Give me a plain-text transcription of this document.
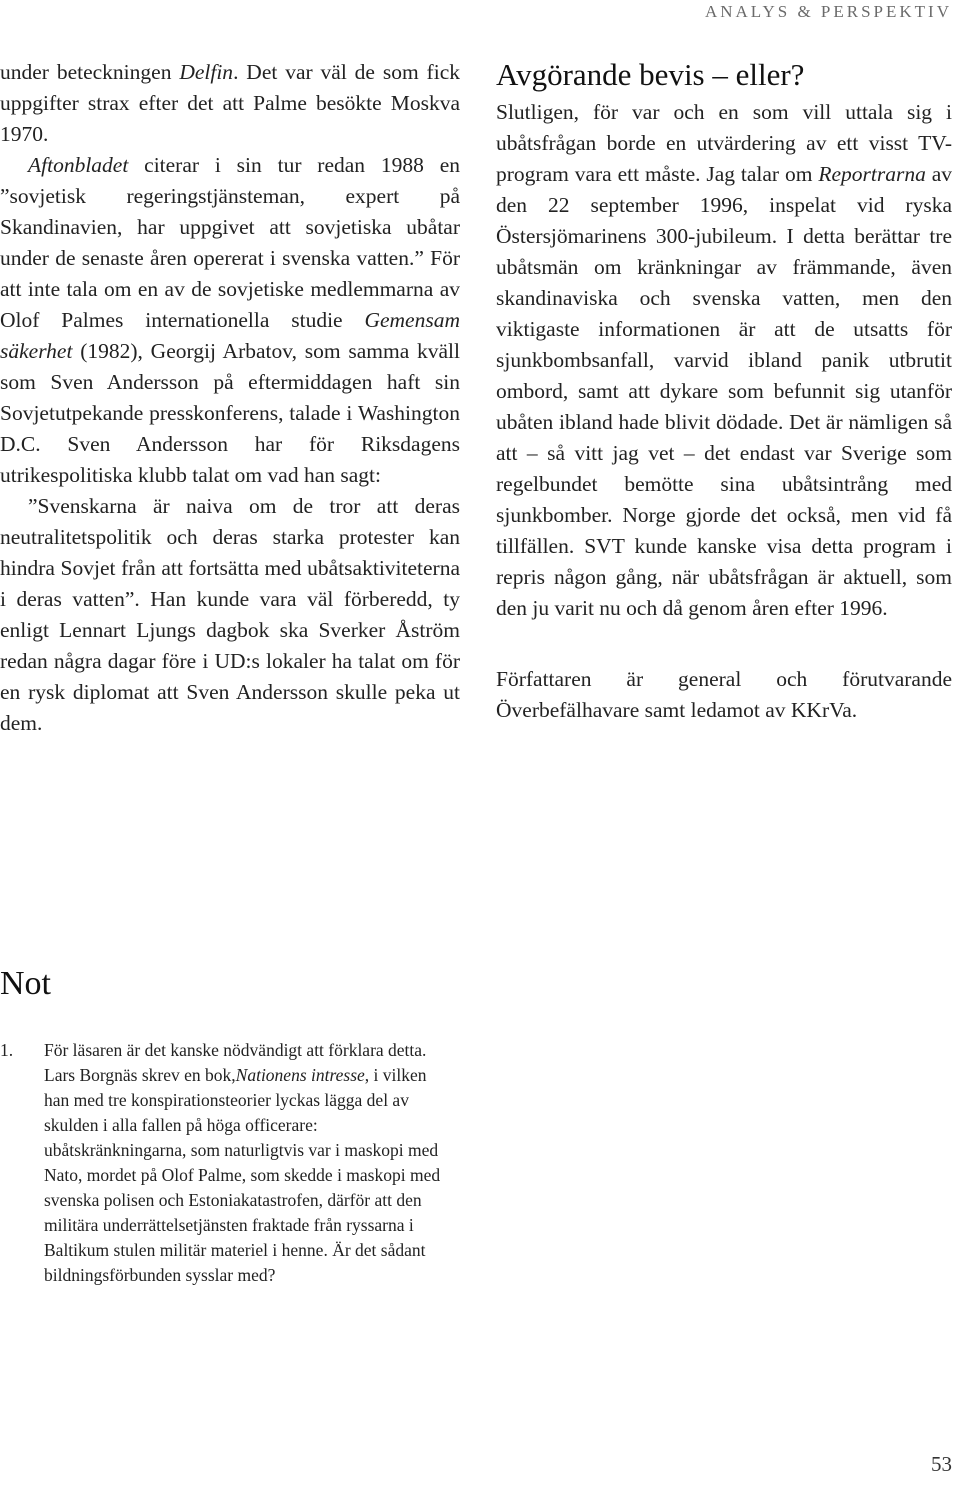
ANALYS & PERSPEKTIV

under beteckningen Delfin. Det var väl de som fick uppgifter strax efter det att Palme besökte Moskva 1970.

Aftonbladet citerar i sin tur redan 1988 en ”sovjetisk regeringstjänsteman, expert på Skandinavien, har uppgivet att sovjetiska ubåtar under de senaste åren opererat i svenska vatten.” För att inte tala om en av de sovjetiske medlemmarna av Olof Palmes internationella studie Gemensam säkerhet (1982), Georgij Arbatov, som samma kväll som Sven Andersson på eftermiddagen haft sin Sovjetutpekande presskonferens, talade i Washington D.C. Sven Andersson har för Riksdagens utrikespolitiska klubb talat om vad han sagt:

”Svenskarna är naiva om de tror att deras neutralitetspolitik och deras starka protester kan hindra Sovjet från att fortsätta med ubåtsaktiviteterna i deras vatten”. Han kunde vara väl förberedd, ty enligt Lennart Ljungs dagbok ska Sverker Åström redan några dagar före i UD:s lokaler ha talat om för en rysk diplomat att Sven Andersson skulle peka ut dem.

Avgörande bevis – eller?

Slutligen, för var och en som vill uttala sig i ubåtsfrågan borde en utvärdering av ett visst TV-program vara ett måste. Jag talar om Reportrarna av den 22 september 1996, inspelat vid ryska Östersjömarinens 300-jubileum. I detta berättar tre ubåtsmän om kränkningar av främmande, även skandinaviska och svenska vatten, men den viktigaste informationen är att de utsatts för sjunkbombsanfall, varvid ibland panik utbrutit ombord, samt att dykare som befunnit sig utanför ubåten ibland hade blivit dödade. Det är nämligen så att – så vitt jag vet – det endast var Sverige som regelbundet bemötte sina ubåtsintrång med sjunkbomber. Norge gjorde det också, men vid få tillfällen. SVT kunde kanske visa detta program i repris någon gång, när ubåtsfrågan är aktuell, som den ju varit nu och då genom åren efter 1996.

Författaren är general och förutvarande Överbefälhavare samt ledamot av KKrVa.

Not
1.	För läsaren är det kanske nödvändigt att förklara detta. Lars Borgnäs skrev en bok,Nationens intresse, i vilken han med tre konspirationsteorier lyckas lägga del av skulden i alla fallen på höga officerare: ubåtskränkningarna, som naturligtvis var i maskopi med Nato, mordet på Olof Palme, som skedde i maskopi med svenska polisen och Estoniakatastrofen, därför att den militära underrättelsetjänsten fraktade från ryssarna i Baltikum stulen militär materiel i henne. Är det sådant bildningsförbunden sysslar med?
53
